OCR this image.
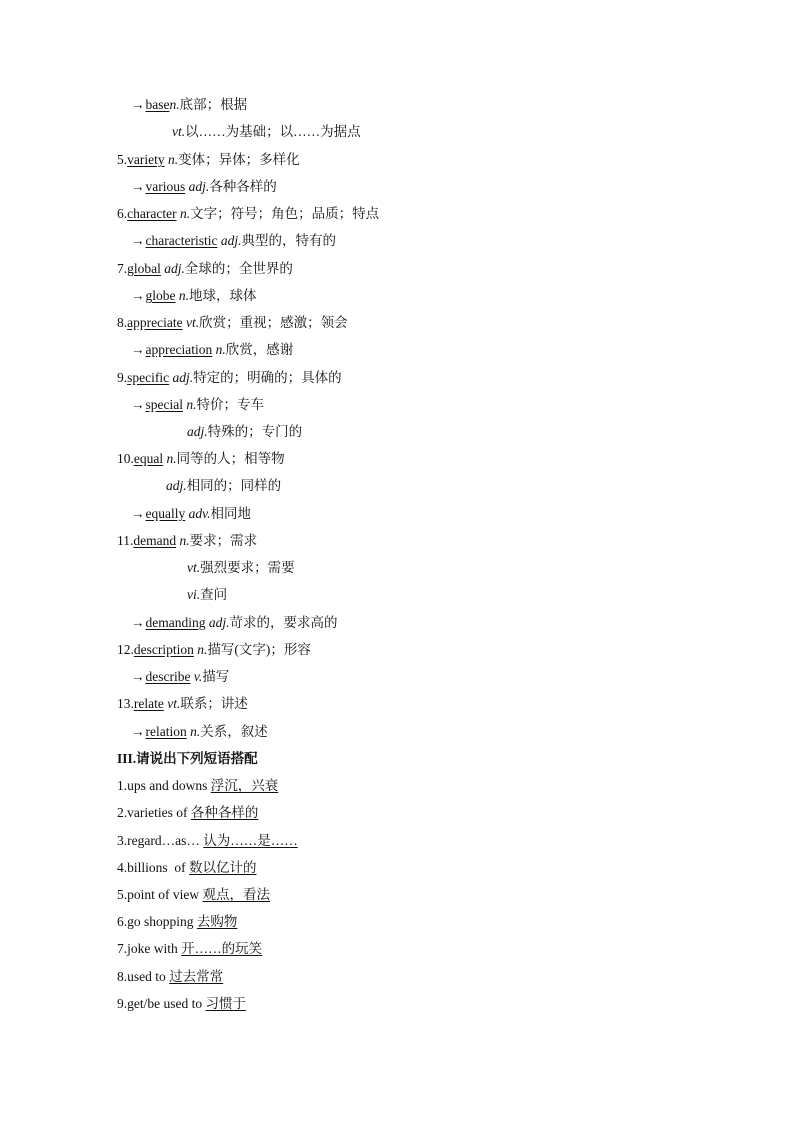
→basen.底部；根据
vt.以……为基础；以……为据点
5.variety n.变体；异体；多样化
→various adj.各种各样的
6.character n.文字；符号；角色；品质；特点
→characteristic adj.典型的，特有的
7.global adj.全球的；全世界的
→globe n.地球，球体
8.appreciate vt.欣赏；重视；感激；领会
→appreciation n.欣赏，感谢
9.specific adj.特定的；明确的；具体的
→special n.特价；专车
adj.特殊的；专门的
10.equal n.同等的人；相等物
adj.相同的；同样的
→equally adv.相同地
11.demand n.要求；需求
vt.强烈要求；需要
vi.查问
→demanding adj.苛求的，要求高的
12.description n.描写(文字)；形容
→describe v.描写
13.relate vt.联系；讲述
→relation n.关系，叙述
III.请说出下列短语搭配
1.ups and downs 浮沉，兴衰
2.varieties of 各种各样的
3.regard…as… 认为……是……
4.billions  of 数以亿计的
5.point of view 观点，看法
6.go shopping 去购物
7.joke with 开……的玩笑
8.used to 过去常常
9.get/be used to 习惯于
